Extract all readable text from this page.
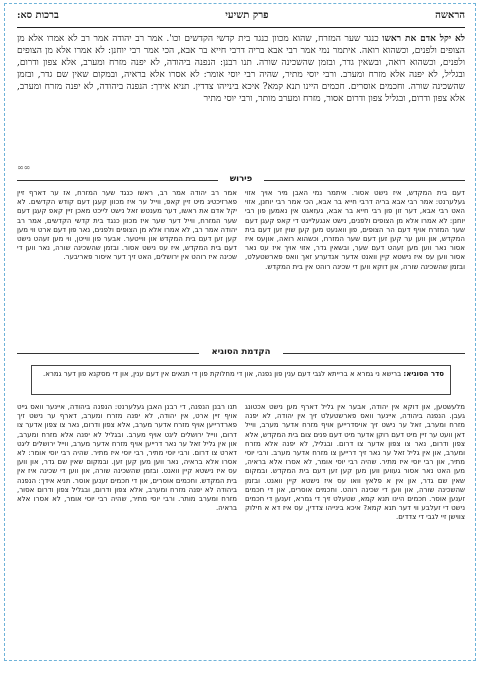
הראשה
פרק תשיעי
ברכות סא:
לא יקל אדם את ראשו כנגד שער המזרח, שהוא מכוון כנגד בית קדשי הקדשים וכו'. אמר רב יהודה אמר רב לא אמרו אלא מן הצופים ולפנים, וכשהוא רואה. איתמר נמי אמר רבי אבא בריה דרבי חייא בר אבא, הכי אמר רבי יוחנן: לא אמרו אלא מן הצופים ולפנים, וכשהוא רואה, ובשאין גדר, ובזמן שהשכינה שורה. תנו רבנן: הנפנה ביהודה, לא יפנה מזרח ומערב, אלא צפון ודרום, ובגליל, לא יפנה אלא מזרח ומערב. ורבי יוסי מתיר, שהיה רבי יוסי אומר: לא אסרו אלא בראיה, ובמקום שאין שם גדר, ובזמן שהשכינה שורה. וחכמים אוסרים. חכמים היינו תנא קמא? איכא בינייהו צדדין. תניא אידך: הנפנה ביהודה, לא יפנה מזרח ומערב, אלא צפון ודרום, ובגליל צפון ודרום אסור, מזרח ומערב מותר, ורבי יוסי מתיר
∞∞
פירוש
דעם בית המקדש, איז נישט אסור. איתמר נמי האבן מיר אויך אזוי געלערנט: אמר רבי אבא בריה דרבי חייא בר אבא, הכי אמר רבי יוחנן, אזוי האט רבי אבא, דער זון פון רבי חייא בר אבא, געזאגט אין נאמען פון רבי יוחנן: לא אמרו אלא מן הצופים ולפנים, נישט אנגעלייגט די קאפ קעגן דעם שער המזרח אויף דעם הר הצופים, פון וואנעט מען קען שוין זען דעם בית המקדש, און ווען ער קען זען דעם שער המזרח, וכשהוא רואה, אוןעס איז אסור נאר ווען מען זעהט דעם שער, ובשאין גדר, אזוי אויך איז עס נאר אסור ווען עס איז נישטא קיין וואנט אדער אנדערע זאך וואס פארשטעלט, ובזמן שהשכינה שורה, און דוקא ווען די שכינה רוהט אין בית המקדש.
אמר רב יהודה אמר רב, ראשו כנגד שער המזרח, אז ער דארף זיין פארזיכטיג מיט זיין קאפ, ווייל ער איז מכוון קעגן דעם קודש הקדשים. לא יקל אדם את ראשו, דער מענטש זאל נישט לייכט מאכן זיין קאפ קעגן דעם שער המזרח, ווייל דער שער איז מכוון כנגד בית קדשי הקדשים, אמר רב יהודה אמר רב, לא אמרו אלא מן הצופים ולפנים, נאר פון דעם ארט ווי מען קען זען דעם בית המקדש און ווייטער. אבער פון ווייטן, ווי מען זעהט נישט דעם בית המקדש, איז עס נישט אסור. ובזמן שהשכינה שורה, נאר ווען די שכינה איז רוהט אין ירושלים, האט זיך דער איסור פאריבער.
הקדמת הסוגיא
סדר הסוגיא: ברישא ני גמרא א ברייתא לגבי דעם ענין פון נפנה, און די מחלוקת פון די תנאים אין דעם ענין, און די מסקנא פון דער גמרא.
מלעשטען, און דוקא אין יהודה, אבער אין גליל דארף מען נישט אכטונג געבן. הנפנה ביהודה, איינער וואס פארשטעלט זיך אין יהודה, לא יפנה מזרח ומערב, זאל ער נישט זיך אויסדרייען אויף מזרח אדער מערב, ווייל דאן וועט ער זיין מיט דעם רוקן אדער מיט דעם פנים צום בית המקדש, אלא צפון ודרום, נאר צו צפון אדער צו דרום. ובגליל, לא יפנה אלא מזרח ומערב, און אין גליל זאל ער נאר זיך דרייען צו מזרח אדער מערב. ורבי יוסי מתיר, און רבי יוסי איז מתיר. שהיה רבי יוסי אומר, לא אסרו אלא בראיה, מען האט נאר אסור געווען ווען מען קען זען דעם בית המקדש. ובמקום שאין שם גדר, און אין א פלאץ וואו עס איז נישטא קיין וואנט. ובזמן שהשכינה שורה, און ווען די שכינה רוהט. וחכמים אוסרים, און די חכמים זענען אוסר. חכמים היינו תנא קמא, שטעלט זיך די גמרא, זענען די חכמים נישט די זעלבע ווי דער תנא קמא? איכא בינייהו צדדין, עס איז דא א חילוק צווישן זיי לגבי די צדדים.
תנו רבנן הנפנה, די רבנן האבן געלערנט: הנפנה ביהודה, איינער וואס גייט אויף זיין ארט, אין יהודה, לא יפנה מזרח ומערב, דארף ער נישט זיך פארדרייען אויף מזרח אדער מערב, אלא צפון ודרום, נאר צו צפון אדער צו דרום, ווייל ירושלים ליגט אויף מערב. ובגליל לא יפנה אלא מזרח ומערב, און אין גליל זאל ער נאר דרייען אויף מזרח אדער מערב, ווייל ירושלים ליגט דארט צו דרום. ורבי יוסי מתיר, רבי יוסי איז מתיר. שהיה רבי יוסי אומר: לא אסרו אלא בראיה, נאר ווען מען קען זען. ובמקום שאין שם גדר, און ווען עס איז נישטא קיין וואנט. ובזמן שהשכינה שורה, און ווען די שכינה איז אין בית המקדש. וחכמים אוסרים, און די חכמים זענען אוסר. תניא אידך: הנפנה ביהודה לא יפנה מזרח ומערב, אלא צפון ודרום, ובגליל צפון ודרום אסור, מזרח ומערב מותר. ורבי יוסי מתיר, שהיה רבי יוסי אומר, לא אסרו אלא בראיה.
